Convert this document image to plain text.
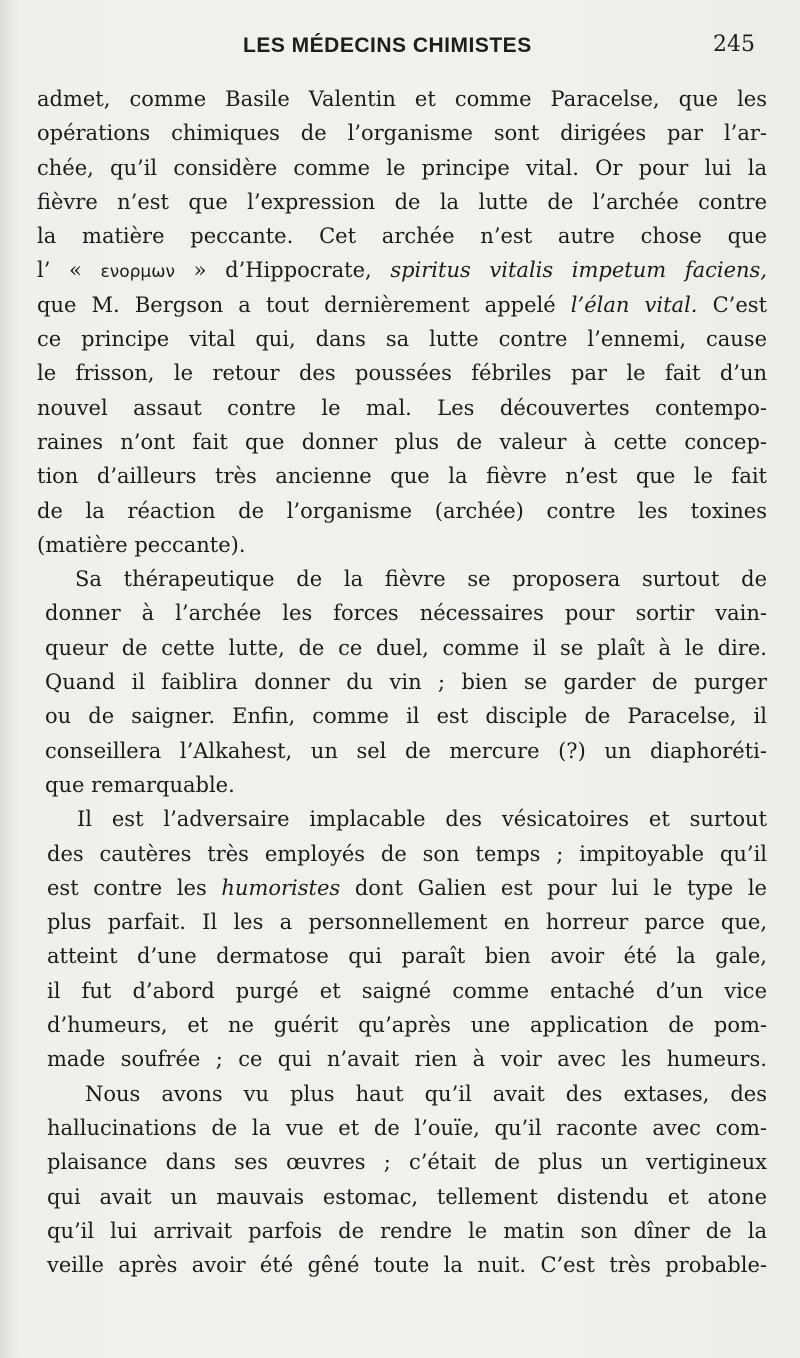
LES MÉDECINS CHIMISTES	245
admet, comme Basile Valentin et comme Paracelse, que les
opérations chimiques de l’organisme sont dirigées par l’ar-
chée, qu’il considère comme le principe vital. Or pour lui la
fièvre n’est que l’expression de la lutte de l’archée contre
la matière peccante. Cet archée n’est autre chose que
l’ « ενορμων » d’Hippocrate, spiritus vitalis impetum faciens,
que M. Bergson a tout dernièrement appelé l’élan vital. C’est
ce principe vital qui, dans sa lutte contre l’ennemi, cause
le frisson, le retour des poussées fébriles par le fait d’un
nouvel assaut contre le mal. Les découvertes contempo-
raines n’ont fait que donner plus de valeur à cette concep-
tion d’ailleurs très ancienne que la fièvre n’est que le fait
de la réaction de l’organisme (archée) contre les toxines
(matière peccante).
Sa thérapeutique de la fièvre se proposera surtout de
donner à l’archée les forces nécessaires pour sortir vain-
queur de cette lutte, de ce duel, comme il se plaît à le dire.
Quand il faiblira donner du vin ; bien se garder de purger
ou de saigner. Enfin, comme il est disciple de Paracelse, il
conseillera l’Alkahest, un sel de mercure (?) un diaphoréti-
que remarquable.
Il est l’adversaire implacable des vésicatoires et surtout
des cautères très employés de son temps ; impitoyable qu’il
est contre les humoristes dont Galien est pour lui le type le
plus parfait. Il les a personnellement en horreur parce que,
atteint d’une dermatose qui paraît bien avoir été la gale,
il fut d’abord purgé et saigné comme entaché d’un vice
d’humeurs, et ne guérit qu’après une application de pom-
made soufrée ; ce qui n’avait rien à voir avec les humeurs.
Nous avons vu plus haut qu’il avait des extases, des
hallucinations de la vue et de l’ouïe, qu’il raconte avec com-
plaisance dans ses œuvres ; c’était de plus un vertigineux
qui avait un mauvais estomac, tellement distendu et atone
qu’il lui arrivait parfois de rendre le matin son dîner de la
veille après avoir été gêné toute la nuit. C’est très probable-
